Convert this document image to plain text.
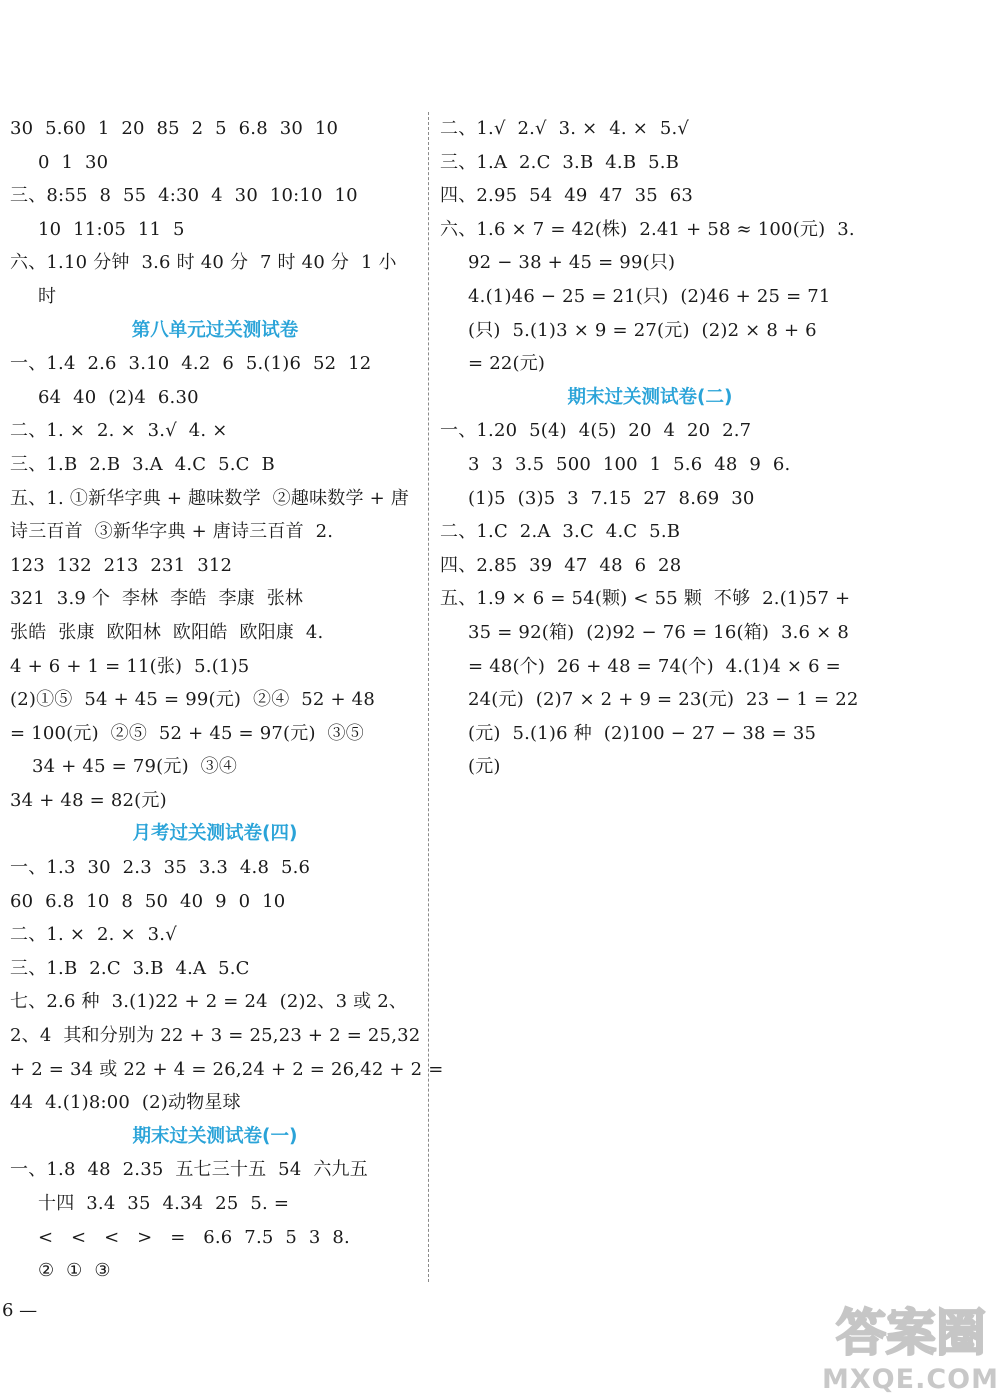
30  5.60  1  20  85  2  5  6.8  30  10
0  1  30
三、8:55  8  55  4:30  4  30  10:10  10
10  11:05  11  5
六、1.10 分钟  3.6 时 40 分  7 时 40 分  1 小
时
第八单元过关测试卷
一、1.4  2.6  3.10  4.2  6  5.(1)6  52  12
64  40  (2)4  6.30
二、1. ×  2. ×  3.√  4. ×
三、1.B  2.B  3.A  4.C  5.C  B
五、1. ①新华字典 + 趣味数学  ②趣味数学 + 唐
诗三百首  ③新华字典 + 唐诗三百首  2.
123  132  213  231  312
321  3.9 个  李林  李皓  李康  张林
张皓  张康  欧阳林  欧阳皓  欧阳康  4.
4 + 6 + 1 = 11(张)  5.(1)5
(2)①⑤  54 + 45 = 99(元)  ②④  52 + 48
= 100(元)  ②⑤  52 + 45 = 97(元)  ③⑤
34 + 45 = 79(元)  ③④
34 + 48 = 82(元)
月考过关测试卷(四)
一、1.3  30  2.3  35  3.3  4.8  5.6
60  6.8  10  8  50  40  9  0  10
二、1. ×  2. ×  3.√
三、1.B  2.C  3.B  4.A  5.C
七、2.6 种  3.(1)22 + 2 = 24  (2)2、3 或 2、
2、4  其和分别为 22 + 3 = 25,23 + 2 = 25,32
+ 2 = 34 或 22 + 4 = 26,24 + 2 = 26,42 + 2 =
44  4.(1)8:00  (2)动物星球
期末过关测试卷(一)
一、1.8  48  2.35  五七三十五  54  六九五
十四  3.4  35  4.34  25  5. =
<   <   <   >   =   6.6  7.5  5  3  8.
②  ①  ③
二、1.√  2.√  3. ×  4. ×  5.√
三、1.A  2.C  3.B  4.B  5.B
四、2.95  54  49  47  35  63
六、1.6 × 7 = 42(株)  2.41 + 58 ≈ 100(元)  3.
92 − 38 + 45 = 99(只)
4.(1)46 − 25 = 21(只)  (2)46 + 25 = 71
(只)  5.(1)3 × 9 = 27(元)  (2)2 × 8 + 6
= 22(元)
期末过关测试卷(二)
一、1.20  5(4)  4(5)  20  4  20  2.7
3  3  3.5  500  100  1  5.6  48  9  6.
(1)5  (3)5  3  7.15  27  8.69  30
二、1.C  2.A  3.C  4.C  5.B
四、2.85  39  47  48  6  28
五、1.9 × 6 = 54(颗) < 55 颗  不够  2.(1)57 +
35 = 92(箱)  (2)92 − 76 = 16(箱)  3.6 × 8
= 48(个)  26 + 48 = 74(个)  4.(1)4 × 6 =
24(元)  (2)7 × 2 + 9 = 23(元)  23 − 1 = 22
(元)  5.(1)6 种  (2)100 − 27 − 38 = 35
(元)
6 —	答案圈
MXQE.COM
